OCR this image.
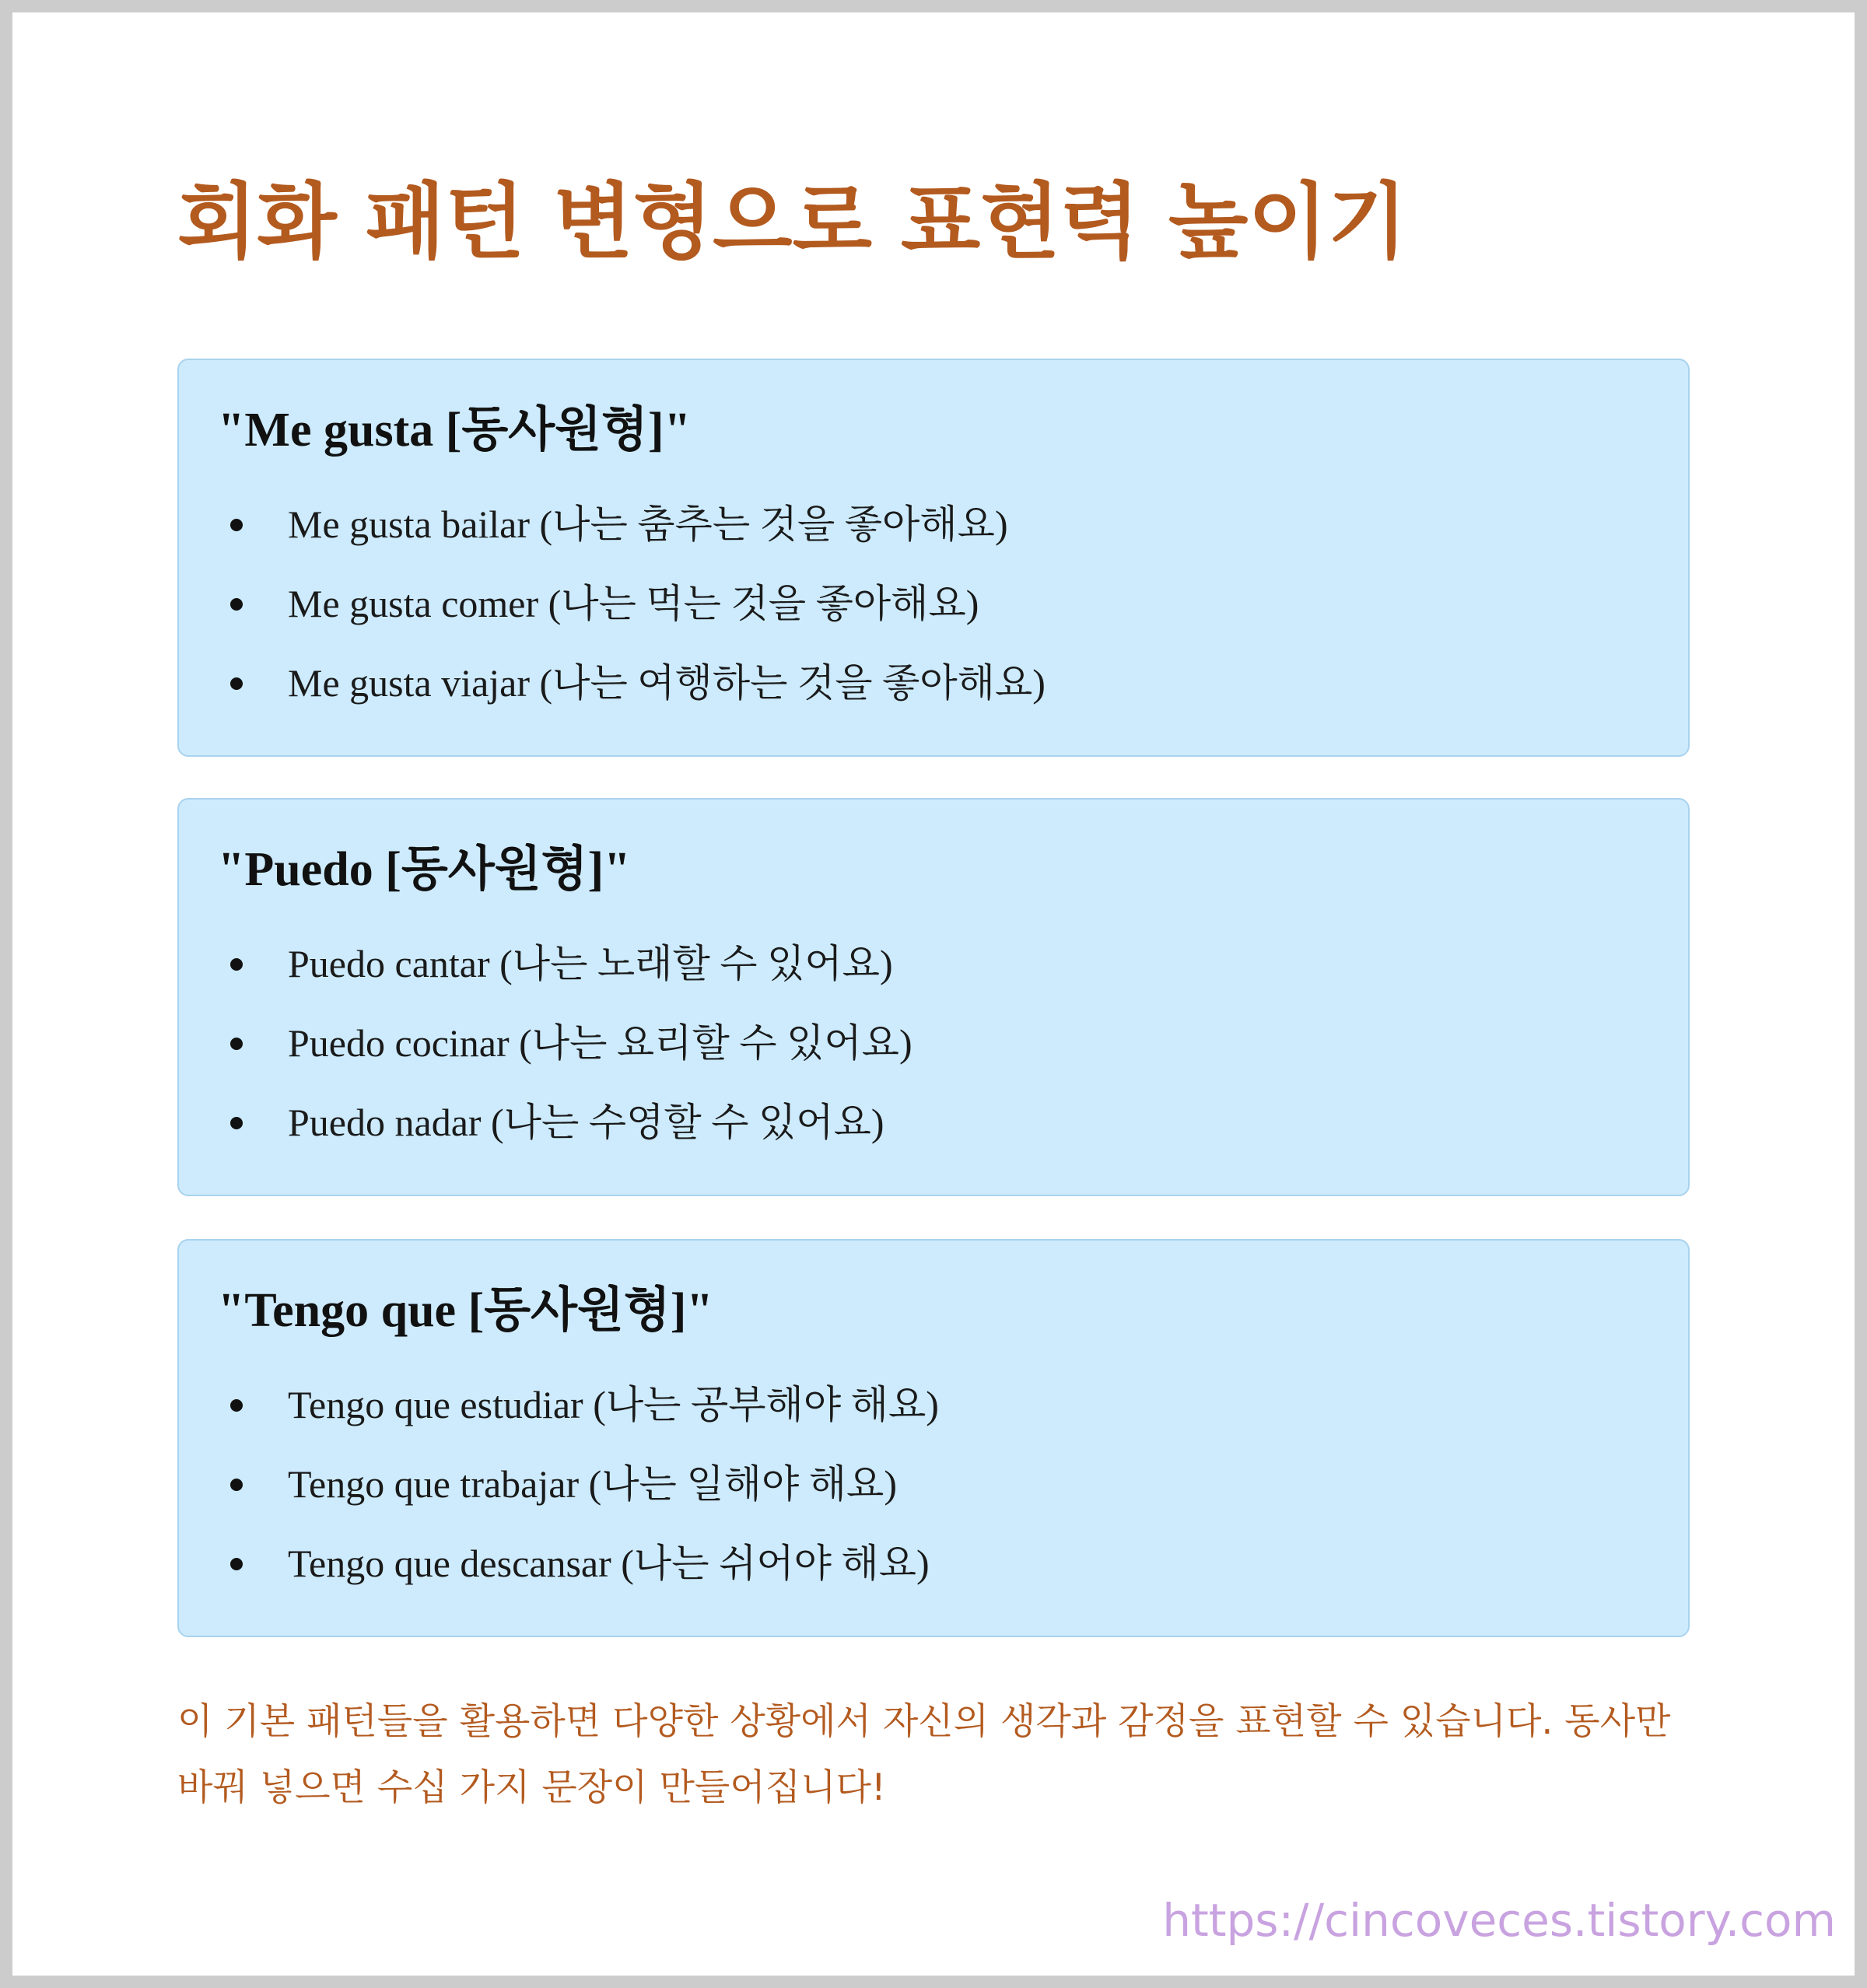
회화 패턴 변형으로 표현력 높이기
"Me gusta [동사원형]"
Me gusta bailar (나는 춤추는 것을 좋아해요)
Me gusta comer (나는 먹는 것을 좋아해요)
Me gusta viajar (나는 여행하는 것을 좋아해요)
"Puedo [동사원형]"
Puedo cantar (나는 노래할 수 있어요)
Puedo cocinar (나는 요리할 수 있어요)
Puedo nadar (나는 수영할 수 있어요)
"Tengo que [동사원형]"
Tengo que estudiar (나는 공부해야 해요)
Tengo que trabajar (나는 일해야 해요)
Tengo que descansar (나는 쉬어야 해요)

이 기본 패턴들을 활용하면 다양한 상황에서 자신의 생각과 감정을 표현할 수 있습니다. 동사만 바꿔 넣으면 수십 가지 문장이 만들어집니다!

https://cincoveces.tistory.com
